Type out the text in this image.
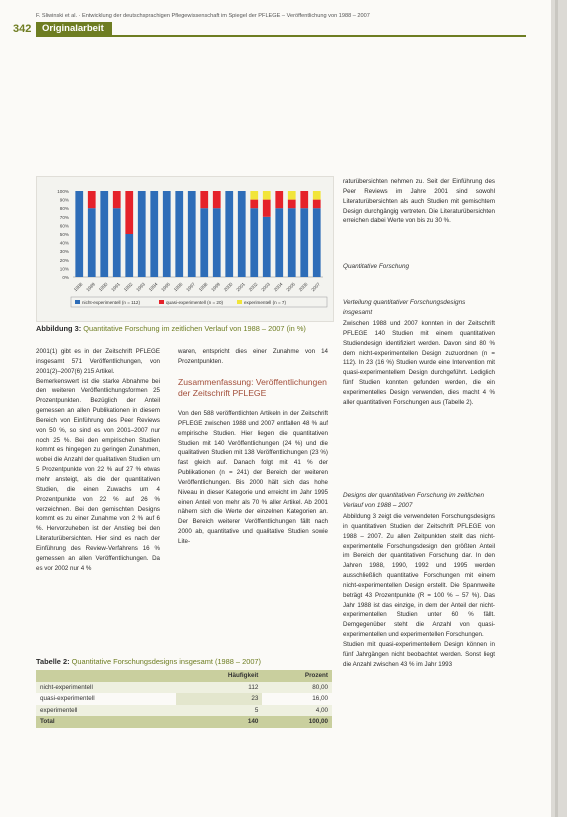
F. Sliwinski et al. · Entwicklung der deutschsprachigen Pflegewissenschaft im Spiegel der PFLEGE – Veröffentlichung von 1988 – 2007
342	Originalarbeit
0%
10%
20%
30%
40%
50%
60%
70%
80%
90%
100%
1988 1989 1990 1991 1992 1993 1994 1995 1996 1997 1998 1999 2000 2001 2002 2003 2004 2005 2006 2007
nicht-experimentell (n = 112)	quasi-experimentell (n = 20)	experimentell (n = 7)
Abbildung 3: Quantitative Forschung im zeitlichen Verlauf von 1988 – 2007 (in %)
2001(1) gibt es in der Zeitschrift PFLEGE insgesamt 571 Veröffentlichungen, von 2001(2)–2007(6) 215 Artikel.
Bemerkenswert ist die starke Abnahme bei den weiteren Veröffentlichungsformen 25 Prozentpunkten. Bezüglich der Anteil gemessen an allen Publikationen in diesem Bereich von Einführung des Peer Reviews von 50 %, so sind es von 2001–2007 nur noch 25 %. Bei den empirischen Studien kommt es hingegen zu geringen Zunahmen, wobei die Anzahl der qualitativen Studien um 5 Prozentpunkte von 22 % auf 27 % etwas mehr ansteigt, als die der quantitativen Studien, die einen Zuwachs um 4 Prozentpunkte von 22 % auf 26 % verzeichnen. Bei den gemischten Designs kommt es zu einer Zunahme von 2 % auf 6 %. Hervorzuheben ist der Anstieg bei den Literaturübersichten. Hier sind es nach der Einführung des Review-Verfahrens 16 % gemessen an allen Veröffentlichungen. Da es vor 2002 nur 4 %
waren, entspricht dies einer Zunahme von 14 Prozentpunkten.
Zusammenfassung: Veröffentlichungen der Zeitschrift PFLEGE
Von den 588 veröffentlichten Artikeln in der Zeitschrift PFLEGE zwischen 1988 und 2007 entfallen 48 % auf empirische Studien. Hier liegen die quantitativen Studien mit 140 Veröffentlichungen (24 %) und die qualitativen Studien mit 138 Veröffentlichungen (23 %) fast gleich auf. Danach folgt mit 41 % der Publikationen (n = 241) der Bereich der weiteren Veröffentlichungen. Bis 2000 hält sich das hohe Niveau in dieser Kategorie und erreicht im Jahr 1995 einen Anteil von mehr als 70 % aller Artikel. Ab 2001 nähern sich die Werte der einzelnen Kategorien an. Der Bereich weiterer Veröffentlichungen fällt nach 2000 ab, quantitative und qualitative Studien sowie Lite-
raturübersichten nehmen zu. Seit der Einführung des Peer Reviews im Jahre 2001 sind sowohl Literaturübersichten als auch Studien mit gemischtem Design durchgängig vertreten. Die Literaturübersichten erreichen dabei Werte von bis zu 30 %.
Quantitative Forschung
Verteilung quantitativer Forschungsdesigns insgesamt
Zwischen 1988 und 2007 konnten in der Zeitschrift PFLEGE 140 Studien mit einem quantitativen Studiendesign identifiziert werden. Davon sind 80 % dem nicht-experimentellen Design zuzuordnen (n = 112). In 23 (16 %) Studien wurde eine Intervention mit quasi-experimentellem Design durchgeführt. Lediglich fünf Studien konnten gefunden werden, die ein experimentelles Design verwenden, dies macht 4 % aller quantitativen Forschungen aus (Tabelle 2).
Designs der quantitativen Forschung im zeitlichen Verlauf von 1988 – 2007
Abbildung 3 zeigt die verwendeten Forschungsdesigns in quantitativen Studien der Zeitschrift PFLEGE von 1988 – 2007. Zu allen Zeitpunkten stellt das nicht-experimentelle Forschungsdesign den größten Anteil im Bereich der quantitativen Forschung dar. In den Jahren 1988, 1990, 1992 und 1995 werden ausschließlich quantitative Forschungen mit einem nicht-experimentellen Design erstellt. Die Spannweite beträgt 43 Prozentpunkte (R = 100 % – 57 %). Das Jahr 1988 ist das einzige, in dem der Anteil der nicht-experimentellen Studien unter 60 % fällt. Demgegenüber steht die Anzahl von quasi-experimentellen und experimentellen Forschungen.
Studien mit quasi-experimentellem Design können in fünf Jahrgängen nicht beobachtet werden. Sonst liegt die Anzahl zwischen 43 % im Jahr 1993
Tabelle 2: Quantitative Forschungsdesigns insgesamt (1988 – 2007)
	Häufigkeit	Prozent
nicht-experimentell	112	80,00
quasi-experimentell	23	16,00
experimentell	5	4,00
Total	140	100,00
